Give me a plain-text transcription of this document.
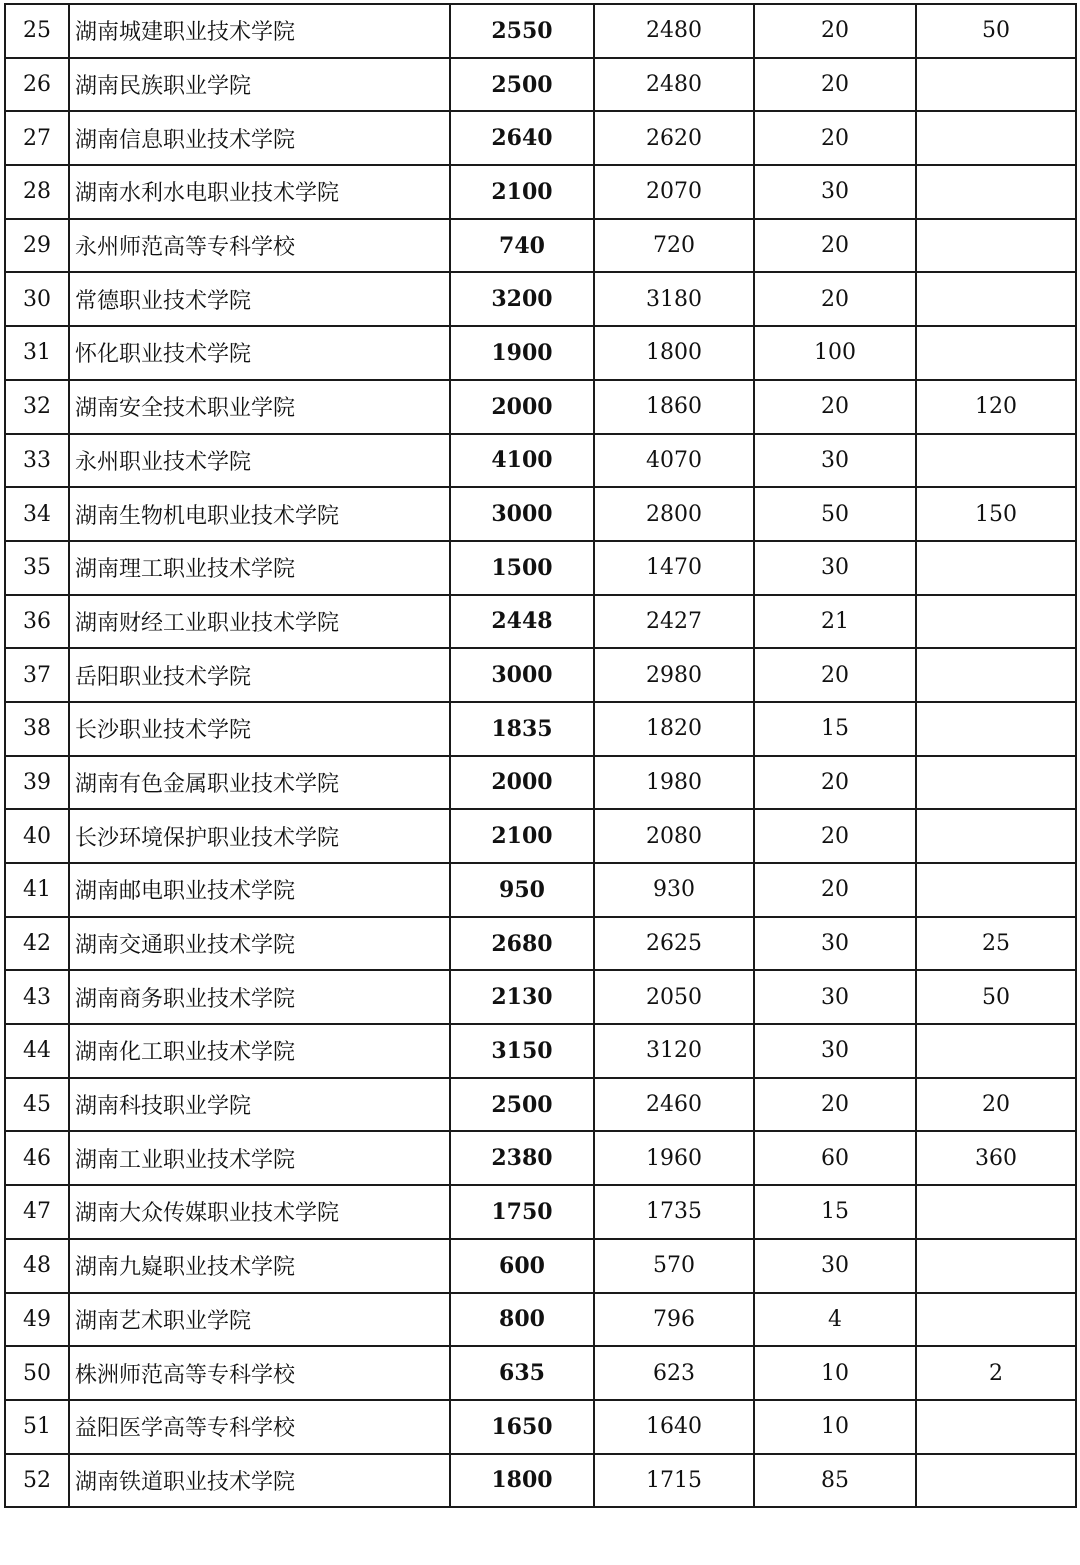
25	湖南城建职业技术学院	2550	2480	20	50
26	湖南民族职业学院	2500	2480	20	
27	湖南信息职业技术学院	2640	2620	20	
28	湖南水利水电职业技术学院	2100	2070	30	
29	永州师范高等专科学校	740	720	20	
30	常德职业技术学院	3200	3180	20	
31	怀化职业技术学院	1900	1800	100	
32	湖南安全技术职业学院	2000	1860	20	120
33	永州职业技术学院	4100	4070	30	
34	湖南生物机电职业技术学院	3000	2800	50	150
35	湖南理工职业技术学院	1500	1470	30	
36	湖南财经工业职业技术学院	2448	2427	21	
37	岳阳职业技术学院	3000	2980	20	
38	长沙职业技术学院	1835	1820	15	
39	湖南有色金属职业技术学院	2000	1980	20	
40	长沙环境保护职业技术学院	2100	2080	20	
41	湖南邮电职业技术学院	950	930	20	
42	湖南交通职业技术学院	2680	2625	30	25
43	湖南商务职业技术学院	2130	2050	30	50
44	湖南化工职业技术学院	3150	3120	30	
45	湖南科技职业学院	2500	2460	20	20
46	湖南工业职业技术学院	2380	1960	60	360
47	湖南大众传媒职业技术学院	1750	1735	15	
48	湖南九嶷职业技术学院	600	570	30	
49	湖南艺术职业学院	800	796	4	
50	株洲师范高等专科学校	635	623	10	2
51	益阳医学高等专科学校	1650	1640	10	
52	湖南铁道职业技术学院	1800	1715	85	
